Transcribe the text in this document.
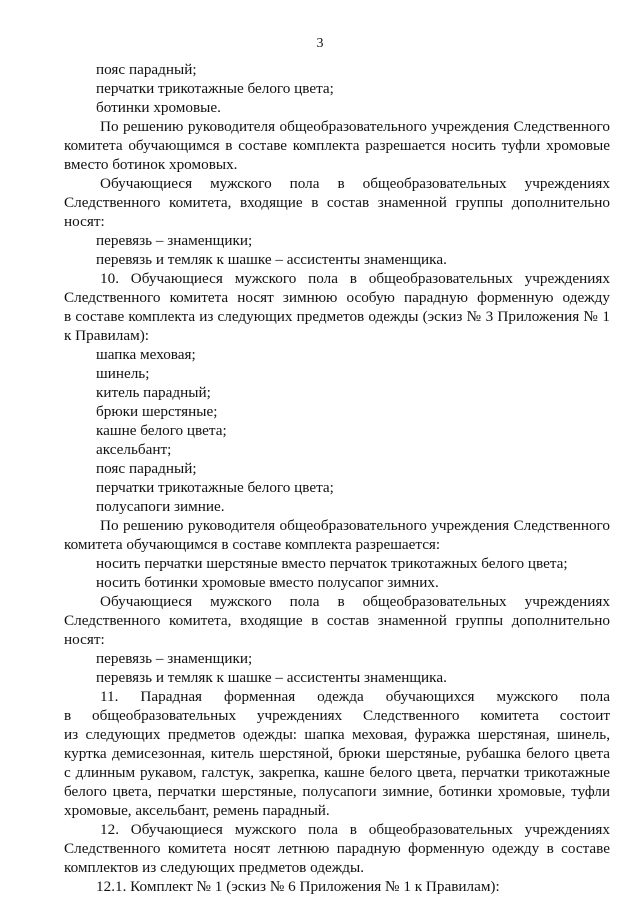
3
пояс парадный;
перчатки трикотажные белого цвета;
ботинки хромовые.
По решению руководителя общеобразовательного учреждения Следственного
комитета обучающимся в составе комплекта разрешается носить туфли хромовые
вместо ботинок хромовых.
Обучающиеся мужского пола в общеобразовательных учреждениях
Следственного комитета, входящие в состав знаменной группы дополнительно
носят:
перевязь – знаменщики;
перевязь и темляк к шашке – ассистенты знаменщика.
10. Обучающиеся мужского пола в общеобразовательных учреждениях
Следственного комитета носят зимнюю особую парадную форменную одежду
в составе комплекта из следующих предметов одежды (эскиз № 3 Приложения № 1
к Правилам):
шапка меховая;
шинель;
китель парадный;
брюки шерстяные;
кашне белого цвета;
аксельбант;
пояс парадный;
перчатки трикотажные белого цвета;
полусапоги зимние.
По решению руководителя общеобразовательного учреждения Следственного
комитета обучающимся в составе комплекта разрешается:
носить перчатки шерстяные вместо перчаток трикотажных белого цвета;
носить ботинки хромовые вместо полусапог зимних.
Обучающиеся мужского пола в общеобразовательных учреждениях
Следственного комитета, входящие в состав знаменной группы дополнительно
носят:
перевязь – знаменщики;
перевязь и темляк к шашке – ассистенты знаменщика.
11. Парадная форменная одежда обучающихся мужского пола
в общеобразовательных учреждениях Следственного комитета состоит
из следующих предметов одежды: шапка меховая, фуражка шерстяная, шинель,
куртка демисезонная, китель шерстяной, брюки шерстяные, рубашка белого цвета
с длинным рукавом, галстук, закрепка, кашне белого цвета, перчатки трикотажные
белого цвета, перчатки шерстяные, полусапоги зимние, ботинки хромовые, туфли
хромовые, аксельбант, ремень парадный.
12. Обучающиеся мужского пола в общеобразовательных учреждениях
Следственного комитета носят летнюю парадную форменную одежду в составе
комплектов из следующих предметов одежды.
12.1. Комплект № 1 (эскиз № 6 Приложения № 1 к Правилам):
